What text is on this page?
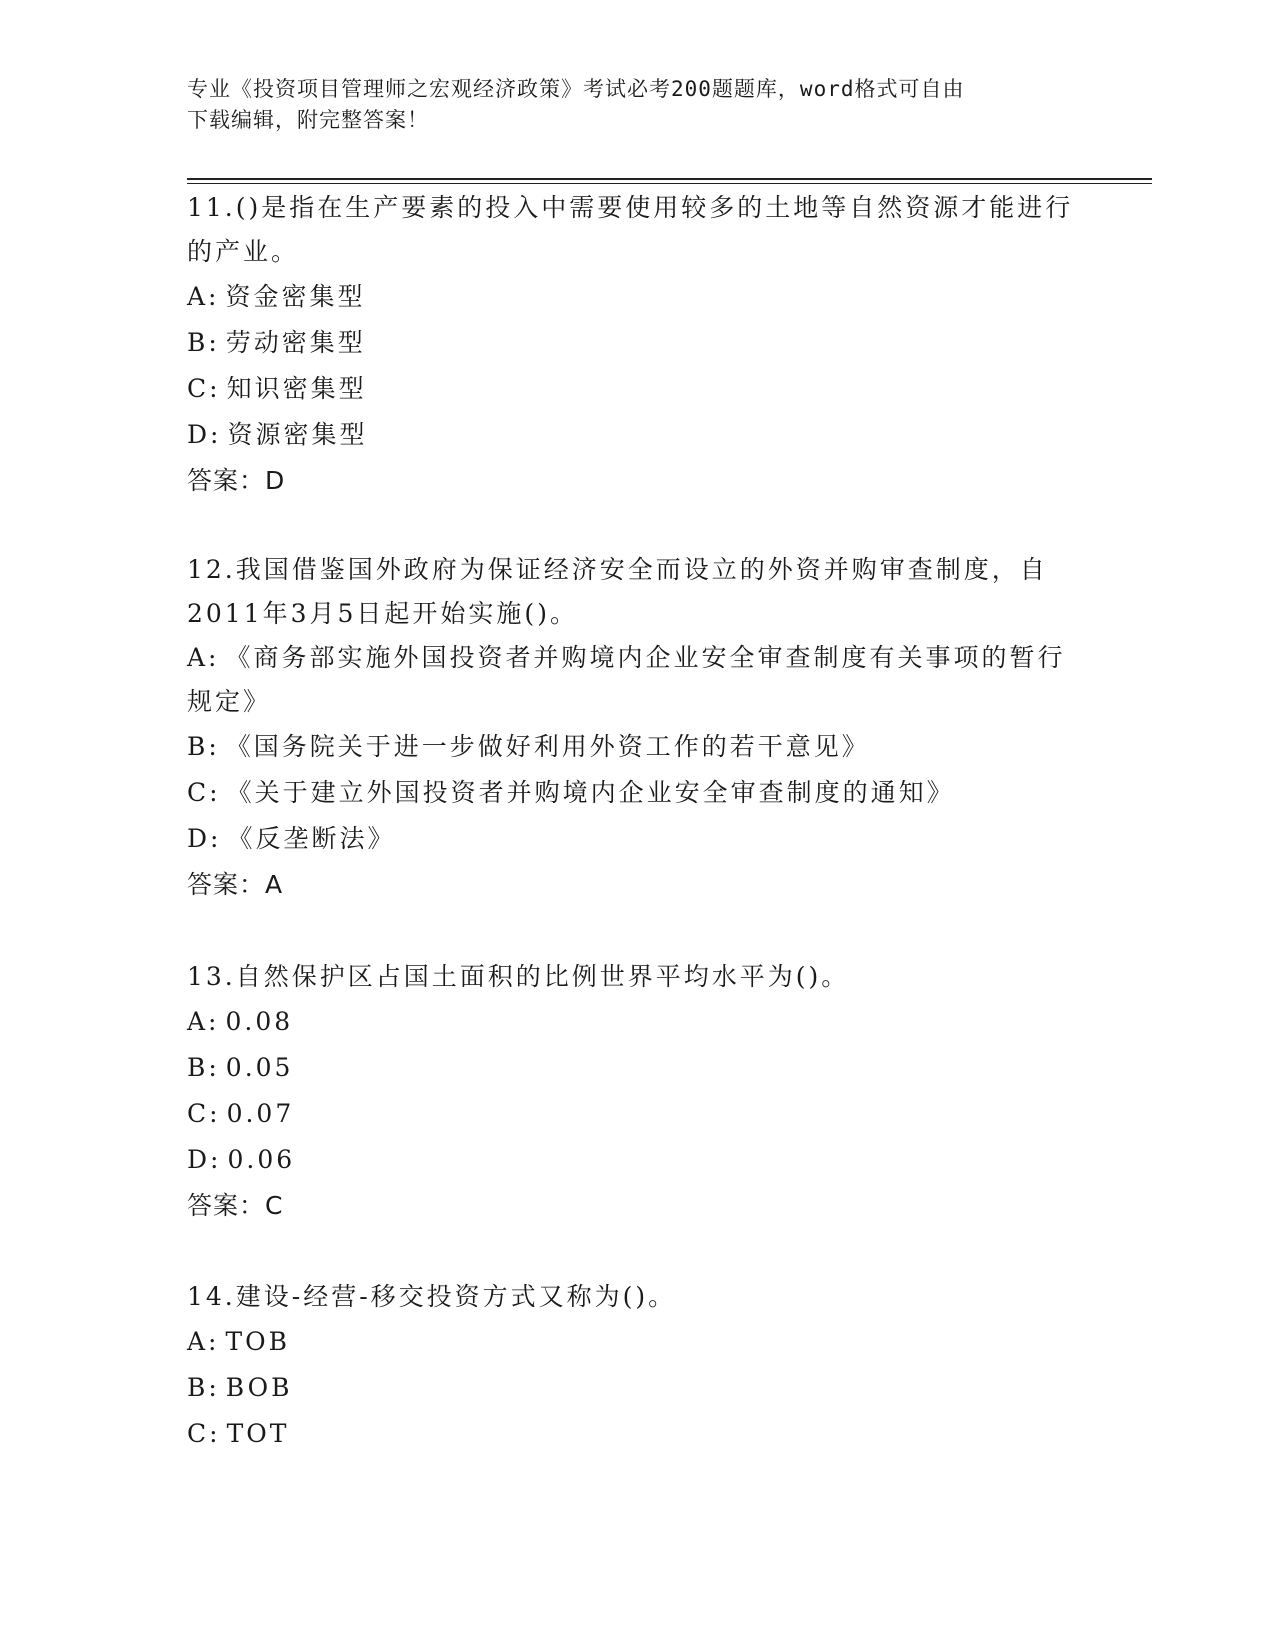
专业《投资项目管理师之宏观经济政策》考试必考200题题库，word格式可自由
下载编辑，附完整答案！
11.()是指在生产要素的投入中需要使用较多的土地等自然资源才能进行的产业。
A: 资金密集型
B: 劳动密集型
C: 知识密集型
D: 资源密集型
答案：D
12.我国借鉴国外政府为保证经济安全而设立的外资并购审查制度，自2011年3月5日起开始实施()。
A: 《商务部实施外国投资者并购境内企业安全审查制度有关事项的暂行规定》
B: 《国务院关于进一步做好利用外资工作的若干意见》
C: 《关于建立外国投资者并购境内企业安全审查制度的通知》
D: 《反垄断法》
答案：A
13.自然保护区占国土面积的比例世界平均水平为()。
A: 0.08
B: 0.05
C: 0.07
D: 0.06
答案：C
14.建设-经营-移交投资方式又称为()。
A: TOB
B: BOB
C: TOT
